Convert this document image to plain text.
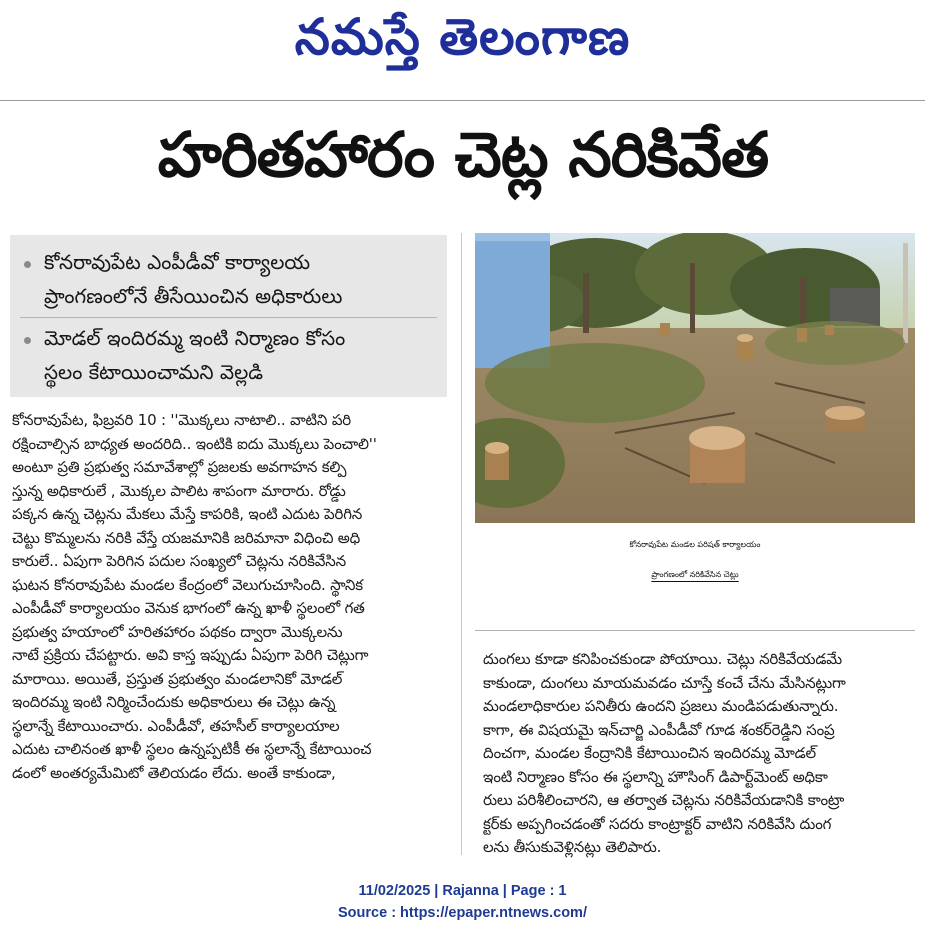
నమస్తే తెలంగాణ
హరితహారం చెట్ల నరికివేత
కోనరావుపేట ఎంపీడీవో కార్యాలయ
ప్రాంగణంలోనే తీసేయించిన అధికారులు
మోడల్ ఇందిరమ్మ ఇంటి నిర్మాణం కోసం
స్థలం కేటాయించామని వెల్లడి
కోనరావుపేట, ఫిబ్రవరి 10 : ''మొక్కలు నాటాలి.. వాటిని పరి
రక్షించాల్సిన బాధ్యత అందరిది.. ఇంటికి ఐదు మొక్కలు పెంచాలి''
అంటూ ప్రతి ప్రభుత్వ సమావేశాల్లో ప్రజలకు అవగాహన కల్పి
స్తున్న అధికారులే , మొక్కల పాలిట శాపంగా మారారు. రోడ్డు
పక్కన ఉన్న చెట్లను మేకలు మేస్తే కాపరికి, ఇంటి ఎదుట పెరిగిన
చెట్టు కొమ్మలను నరికి వేస్తే యజమానికి జరిమానా విధించి అధి
కారులే.. ఏపుగా పెరిగిన పదుల సంఖ్యలో చెట్లను నరికివేసిన
ఘటన కోనరావుపేట మండల కేంద్రంలో వెలుగుచూసింది. స్థానిక
ఎంపీడీవో కార్యాలయం వెనుక భాగంలో ఉన్న ఖాళీ స్థలంలో గత
ప్రభుత్వ హయాంలో హరితహారం పథకం ద్వారా మొక్కలను
నాటే ప్రక్రియ చేపట్టారు. అవి కాస్త ఇప్పుడు ఏపుగా పెరిగి చెట్లుగా
మారాయి. అయితే, ప్రస్తుత ప్రభుత్వం మండలానికో మోడల్
ఇందిరమ్మ ఇంటి నిర్మించేందుకు అధికారులు ఈ చెట్లు ఉన్న
స్థలాన్నే కేటాయించారు. ఎంపీడీవో, తహసీల్ కార్యాలయాల
ఎదుట చాలినంత ఖాళీ స్థలం ఉన్నప్పటికీ ఈ స్థలాన్నే కేటాయించ
డంలో అంతర్యమేమిటో తెలియడం లేదు. అంతే కాకుండా,
కోనరావుపేట మండల పరిషత్ కార్యాలయం
ప్రాంగణంలో నరికివేసిన చెట్లు
దుంగలు కూడా కనిపించకుండా పోయాయి. చెట్లు నరికివేయడమే
కాకుండా, దుంగలు మాయమవడం చూస్తే కంచే చేను మేసినట్లుగా
మండలాధికారుల పనితీరు ఉందని ప్రజలు మండిపడుతున్నారు.
కాగా, ఈ విషయమై ఇన్‌చార్జి ఎంపీడీవో గూడ శంకర్‌రెడ్డిని సంప్ర
దించగా, మండల కేంద్రానికి కేటాయించిన ఇందిరమ్మ మోడల్
ఇంటి నిర్మాణం కోసం ఈ స్థలాన్ని హౌసింగ్ డిపార్ట్‌మెంట్ అధికా
రులు పరిశీలించారని, ఆ తర్వాత చెట్లను నరికివేయడానికి కాంట్రా
క్టర్‌కు అప్పగించడంతో సదరు కాంట్రాక్టర్ వాటిని నరికివేసి దుంగ
లను తీసుకువెళ్లినట్లు తెలిపారు.
11/02/2025 | Rajanna | Page : 1
Source : https://epaper.ntnews.com/
